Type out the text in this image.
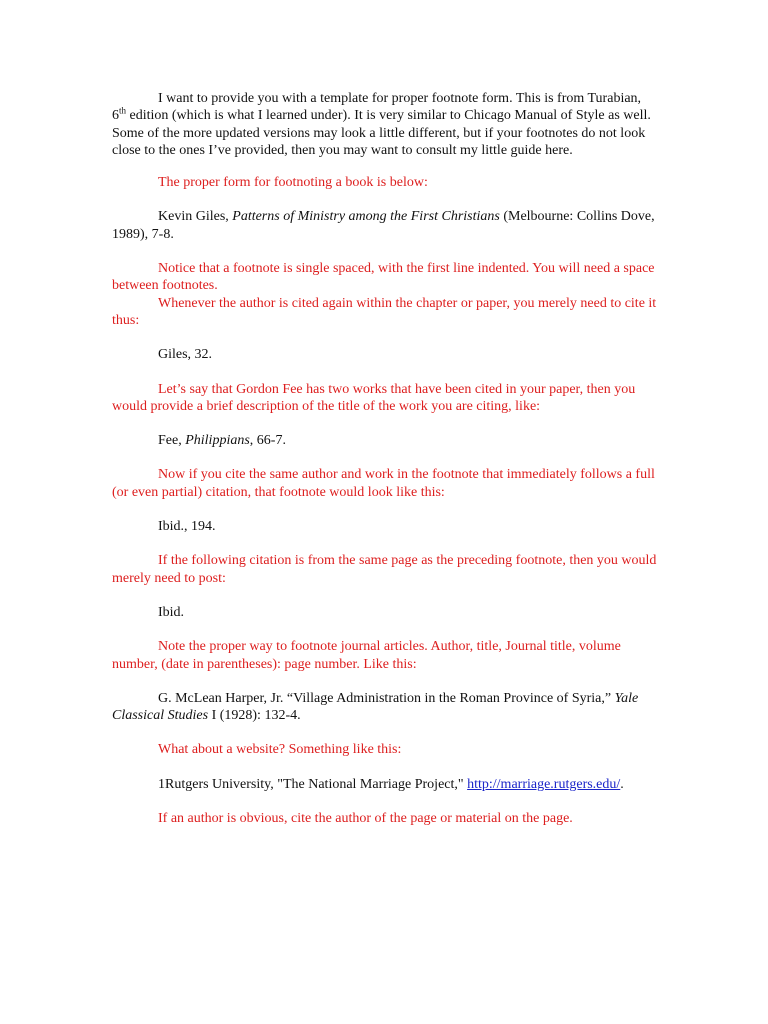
I want to provide you with a template for proper footnote form. This is from Turabian, 6th edition (which is what I learned under). It is very similar to Chicago Manual of Style as well. Some of the more updated versions may look a little different, but if your footnotes do not look close to the ones I’ve provided, then you may want to consult my little guide here.

The proper form for footnoting a book is below:

Kevin Giles, Patterns of Ministry among the First Christians (Melbourne: Collins Dove, 1989), 7-8.

Notice that a footnote is single spaced, with the first line indented. You will need a space between footnotes.

Whenever the author is cited again within the chapter or paper, you merely need to cite it thus:

Giles, 32.

Let’s say that Gordon Fee has two works that have been cited in your paper, then you would provide a brief description of the title of the work you are citing, like:

Fee, Philippians, 66-7.

Now if you cite the same author and work in the footnote that immediately follows a full (or even partial) citation, that footnote would look like this:

Ibid., 194.

If the following citation is from the same page as the preceding footnote, then you would merely need to post:

Ibid.

Note the proper way to footnote journal articles. Author, title, Journal title, volume number, (date in parentheses): page number. Like this:

G. McLean Harper, Jr. “Village Administration in the Roman Province of Syria,” Yale Classical Studies I (1928): 132-4.

What about a website? Something like this:

1Rutgers University, "The National Marriage Project," http://marriage.rutgers.edu/.

If an author is obvious, cite the author of the page or material on the page.
